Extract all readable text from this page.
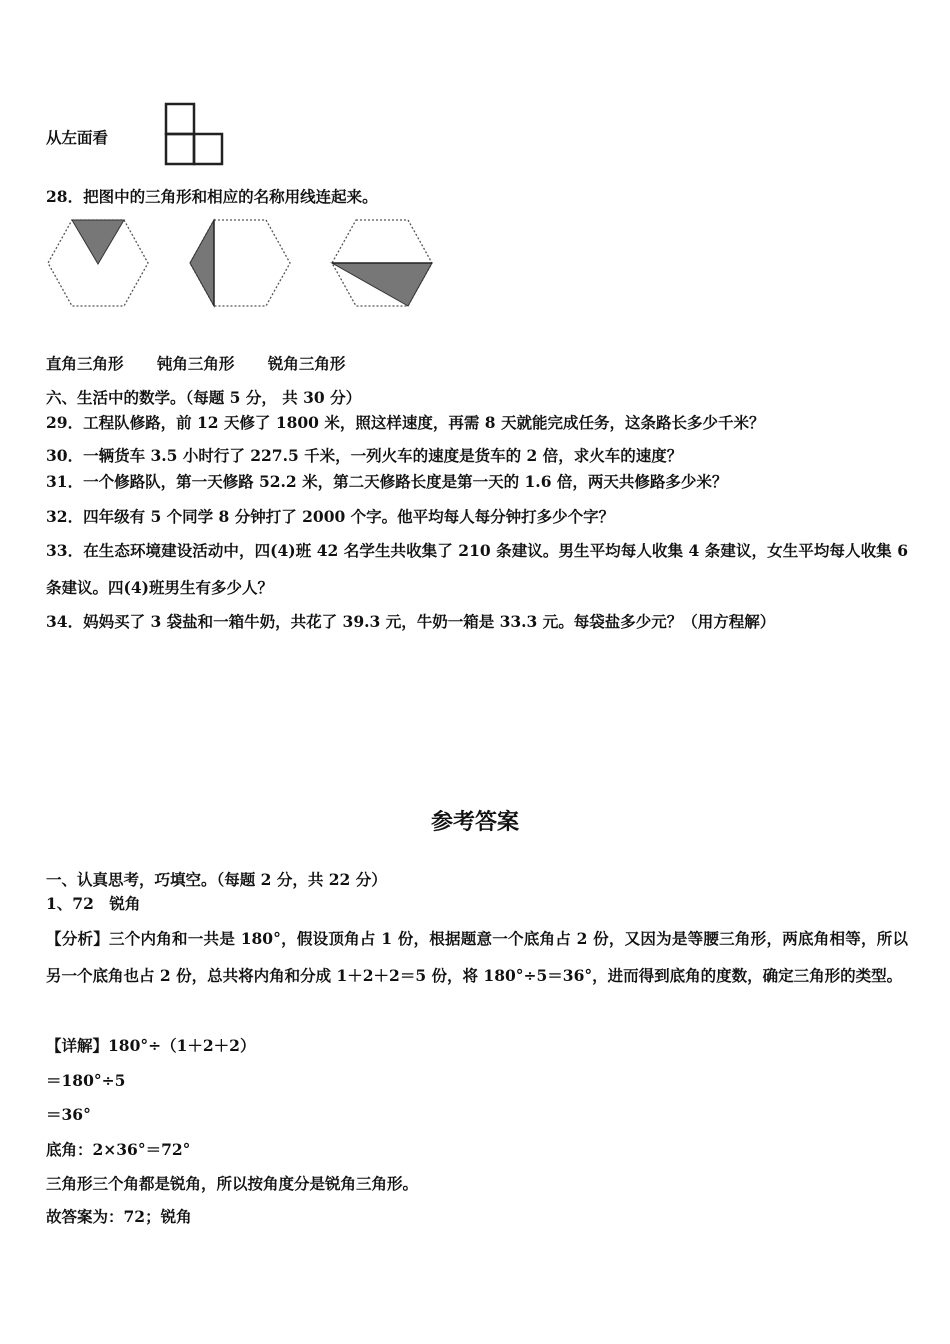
从左面看
28．把图中的三角形和相应的名称用线连起来。
直角三角形 钝角三角形 锐角三角形
六、生活中的数学。（每题 5 分， 共 30 分）
29．工程队修路，前 12 天修了 1800 米，照这样速度，再需 8 天就能完成任务，这条路长多少千米？
30．一辆货车 3.5 小时行了 227.5 千米，一列火车的速度是货车的 2 倍，求火车的速度？
31．一个修路队，第一天修路 52.2 米，第二天修路长度是第一天的 1.6 倍，两天共修路多少米？
32．四年级有 5 个同学 8 分钟打了 2000 个字。他平均每人每分钟打多少个字？
33．在生态环境建设活动中，四(4)班 42 名学生共收集了 210 条建议。男生平均每人收集 4 条建议，女生平均每人收集 6 条建议。四(4)班男生有多少人？
34．妈妈买了 3 袋盐和一箱牛奶，共花了 39.3 元，牛奶一箱是 33.3 元。每袋盐多少元？（用方程解）
参考答案
一、认真思考，巧填空。（每题 2 分，共 22 分）
1、72　锐角
【分析】三个内角和一共是 180°，假设顶角占 1 份，根据题意一个底角占 2 份，又因为是等腰三角形，两底角相等，所以另一个底角也占 2 份，总共将内角和分成 1＋2＋2＝5 份，将 180°÷5＝36°，进而得到底角的度数，确定三角形的类型。
【详解】180°÷（1＋2＋2）
＝180°÷5
＝36°
底角：2×36°＝72°
三角形三个角都是锐角，所以按角度分是锐角三角形。
故答案为：72；锐角
